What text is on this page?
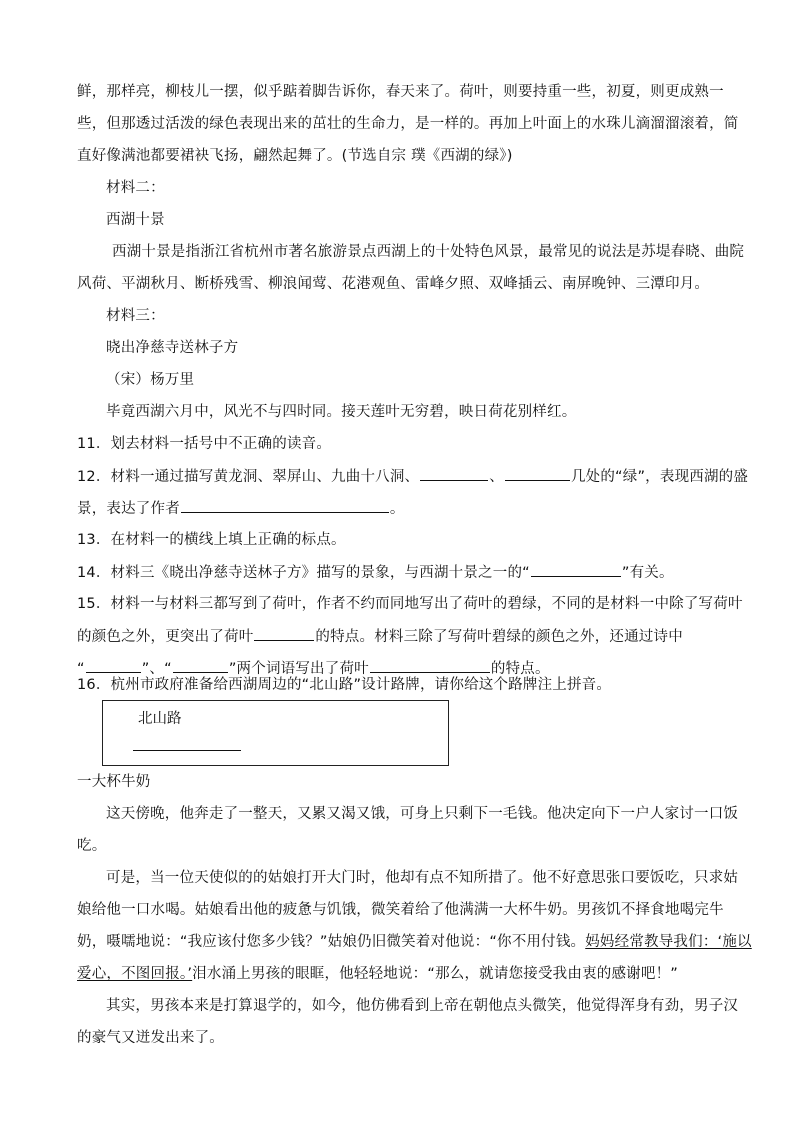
鲜，那样亮，柳枝儿一摆，似乎踮着脚告诉你，春天来了。荷叶，则要持重一些，初夏，则更成熟一
些，但那透过活泼的绿色表现出来的茁壮的生命力，是一样的。再加上叶面上的水珠儿滴溜溜滚着，简
直好像满池都要裙袂飞扬，翩然起舞了。(节选自宗 璞《西湖的绿》)
材料二：
西湖十景
西湖十景是指浙江省杭州市著名旅游景点西湖上的十处特色风景，最常见的说法是苏堤春晓、曲院
风荷、平湖秋月、断桥残雪、柳浪闻莺、花港观鱼、雷峰夕照、双峰插云、南屏晚钟、三潭印月。
材料三：
晓出净慈寺送林子方
（宋）杨万里
毕竟西湖六月中，风光不与四时同。接天莲叶无穷碧，映日荷花别样红。
11．划去材料一括号中不正确的读音。
12．材料一通过描写黄龙洞、翠屏山、九曲十八洞、	、	几处的“绿”，表现西湖的盛
景，表达了作者	。
13．在材料一的横线上填上正确的标点。
14．材料三《晓出净慈寺送林子方》描写的景象，与西湖十景之一的“	”有关。
15．材料一与材料三都写到了荷叶，作者不约而同地写出了荷叶的碧绿，不同的是材料一中除了写荷叶
的颜色之外，更突出了荷叶	的特点。材料三除了写荷叶碧绿的颜色之外，还通过诗中
“	”、“	”两个词语写出了荷叶	的特点。
16．杭州市政府准备给西湖周边的“北山路”设计路牌，请你给这个路牌注上拼音。
北山路
一大杯牛奶
这天傍晚，他奔走了一整天，又累又渴又饿，可身上只剩下一毛钱。他决定向下一户人家讨一口饭
吃。
可是，当一位天使似的的姑娘打开大门时，他却有点不知所措了。他不好意思张口要饭吃，只求姑
娘给他一口水喝。姑娘看出他的疲惫与饥饿，微笑着给了他满满一大杯牛奶。男孩饥不择食地喝完牛
奶，嗫嚅地说：“我应该付您多少钱？”姑娘仍旧微笑着对他说：“你不用付钱。妈妈经常教导我们：‘施以
爱心，不图回报。’泪水涌上男孩的眼眶，他轻轻地说：“那么，就请您接受我由衷的感谢吧！”
其实，男孩本来是打算退学的，如今，他仿佛看到上帝在朝他点头微笑，他觉得浑身有劲，男子汉
的豪气又迸发出来了。
